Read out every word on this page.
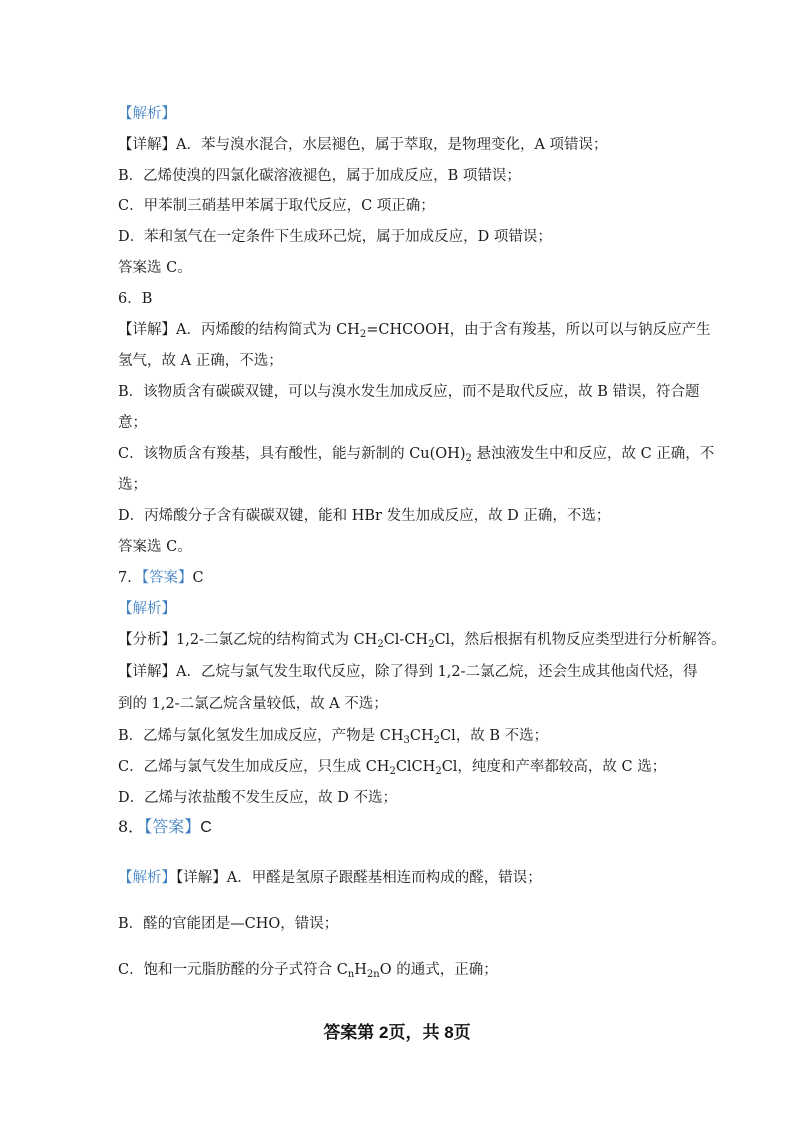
【解析】
【详解】A．苯与溴水混合，水层褪色，属于萃取，是物理变化，A 项错误；
B．乙烯使溴的四氯化碳溶液褪色，属于加成反应，B 项错误；
C．甲苯制三硝基甲苯属于取代反应，C 项正确；
D．苯和氢气在一定条件下生成环己烷，属于加成反应，D 项错误；
答案选 C。
6．B
【详解】A．丙烯酸的结构简式为 $CH_2=CHCOOH$，由于含有羧基，所以可以与钠反应产生
氢气，故 A 正确，不选；
B．该物质含有碳碳双键，可以与溴水发生加成反应，而不是取代反应，故 B 错误，符合题
意；
C．该物质含有羧基，具有酸性，能与新制的 $Cu(OH)_2$ 悬浊液发生中和反应，故 C 正确，不
选；
D．丙烯酸分子含有碳碳双键，能和 HBr 发生加成反应，故 D 正确，不选；
答案选 C。
7．【答案】C
【解析】
【分析】1,2-二氯乙烷的结构简式为 $CH_2Cl-CH_2Cl$，然后根据有机物反应类型进行分析解答。
【详解】A．乙烷与氯气发生取代反应，除了得到 1,2-二氯乙烷，还会生成其他卤代烃，得
到的 1,2-二氯乙烷含量较低，故 A 不选；
B．乙烯与氯化氢发生加成反应，产物是 $CH_3CH_2Cl$，故 B 不选；
C．乙烯与氯气发生加成反应，只生成 $CH_2ClCH_2Cl$，纯度和产率都较高，故 C 选；
D．乙烯与浓盐酸不发生反应，故 D 不选；
8．【答案】C
【解析】【详解】A．甲醛是氢原子跟醛基相连而构成的醛，错误；
B．醛的官能团是—CHO，错误；
C．饱和一元脂肪醛的分子式符合 $C_nH_{2n}O$ 的通式，正确；
答案第 2页，共 8页
